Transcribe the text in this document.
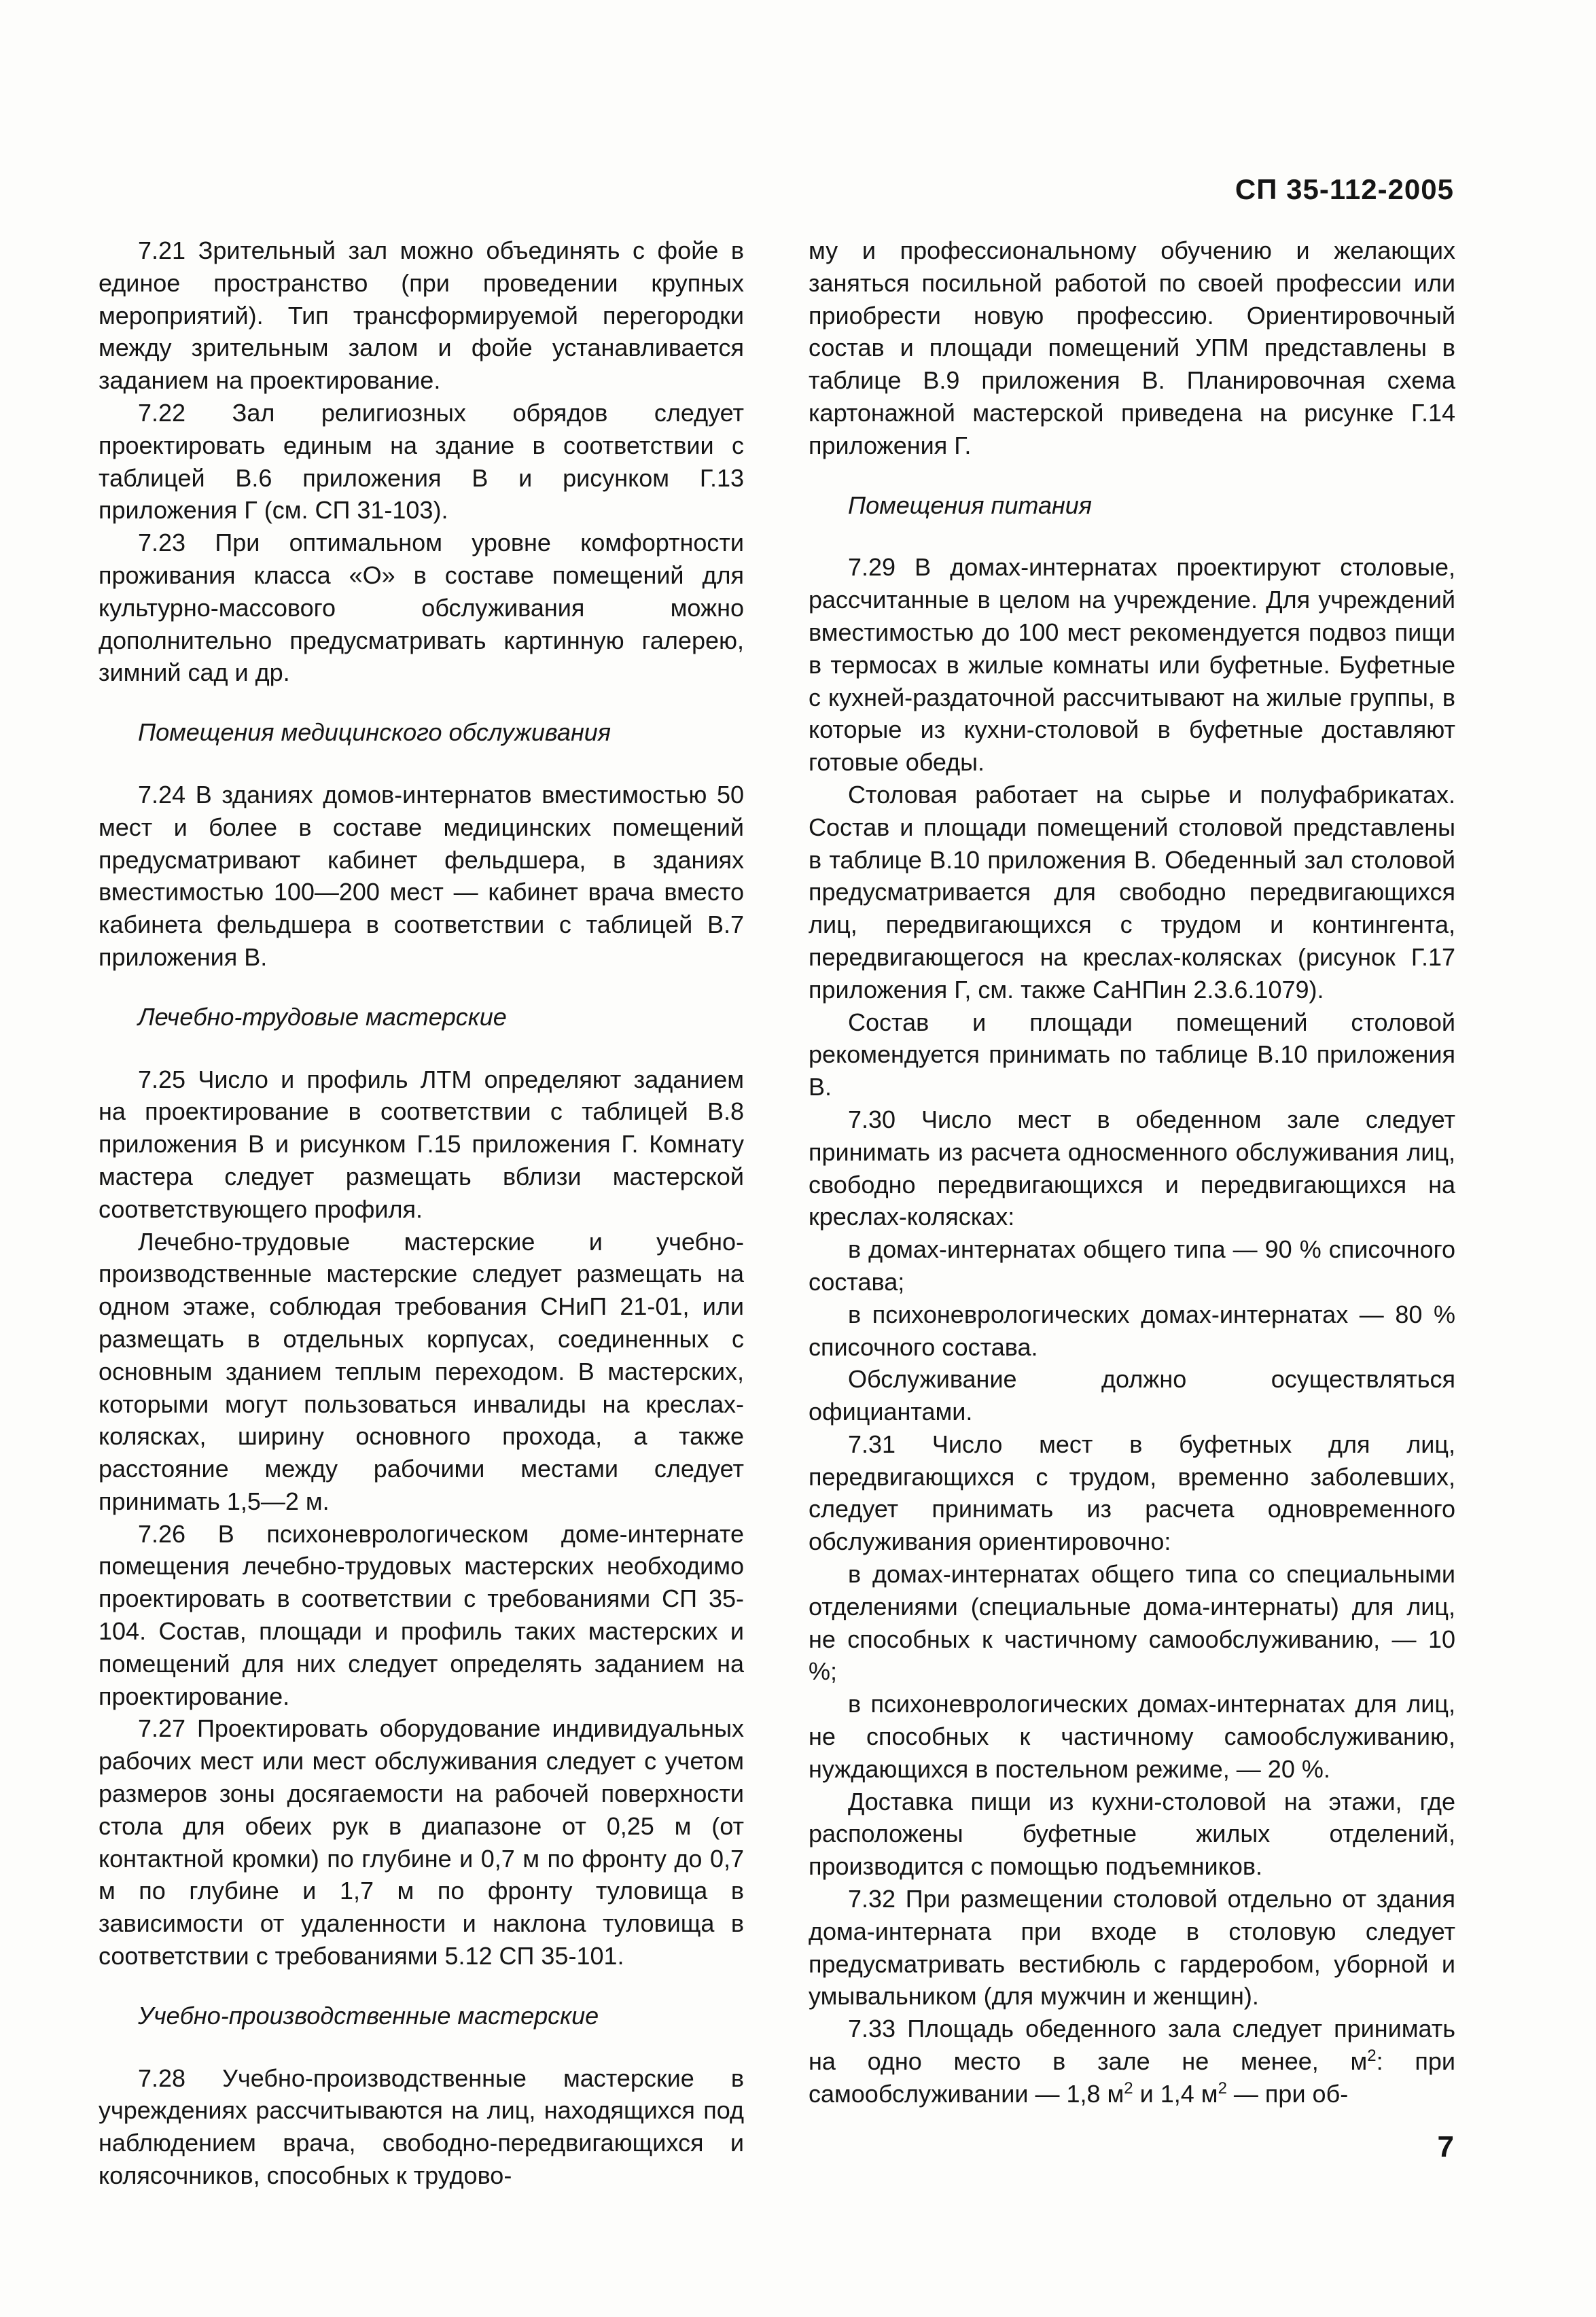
СП 35-112-2005

7.21 Зрительный зал можно объединять с фойе в единое пространство (при проведении крупных мероприятий). Тип трансформируемой перегородки между зрительным залом и фойе устанавливается заданием на проектирование.

7.22 Зал религиозных обрядов следует проектировать единым на здание в соответствии с таблицей В.6 приложения В и рисунком Г.13 приложения Г (см. СП 31-103).

7.23 При оптимальном уровне комфортности проживания класса «О» в составе помещений для культурно-массового обслуживания можно дополнительно предусматривать картинную галерею, зимний сад и др.

Помещения медицинского обслуживания

7.24 В зданиях домов-интернатов вместимостью 50 мест и более в составе медицинских помещений предусматривают кабинет фельдшера, в зданиях вместимостью 100—200 мест — кабинет врача вместо кабинета фельдшера в соответствии с таблицей В.7 приложения В.

Лечебно-трудовые мастерские

7.25 Число и профиль ЛТМ определяют заданием на проектирование в соответствии с таблицей В.8 приложения В и рисунком Г.15 приложения Г. Комнату мастера следует размещать вблизи мастерской соответствующего профиля.

Лечебно-трудовые мастерские и учебно-производственные мастерские следует размещать на одном этаже, соблюдая требования СНиП 21-01, или размещать в отдельных корпусах, соединенных с основным зданием теплым переходом. В мастерских, которыми могут пользоваться инвалиды на креслах-колясках, ширину основного прохода, а также расстояние между рабочими местами следует принимать 1,5—2 м.

7.26 В психоневрологическом доме-интернате помещения лечебно-трудовых мастерских необходимо проектировать в соответствии с требованиями СП 35-104. Состав, площади и профиль таких мастерских и помещений для них следует определять заданием на проектирование.

7.27 Проектировать оборудование индивидуальных рабочих мест или мест обслуживания следует с учетом размеров зоны досягаемости на рабочей поверхности стола для обеих рук в диапазоне от 0,25 м (от контактной кромки) по глубине и 0,7 м по фронту до 0,7 м по глубине и 1,7 м по фронту туловища в зависимости от удаленности и наклона туловища в соответствии с требованиями 5.12 СП 35-101.

Учебно-производственные мастерские

7.28 Учебно-производственные мастерские в учреждениях рассчитываются на лиц, находящихся под наблюдением врача, свободно-передвигающихся и колясочников, способных к трудово-

му и профессиональному обучению и желающих заняться посильной работой по своей профессии или приобрести новую профессию. Ориентировочный состав и площади помещений УПМ представлены в таблице В.9 приложения В. Планировочная схема картонажной мастерской приведена на рисунке Г.14 приложения Г.

Помещения питания

7.29 В домах-интернатах проектируют столовые, рассчитанные в целом на учреждение. Для учреждений вместимостью до 100 мест рекомендуется подвоз пищи в термосах в жилые комнаты или буфетные. Буфетные с кухней-раздаточной рассчитывают на жилые группы, в которые из кухни-столовой в буфетные доставляют готовые обеды.

Столовая работает на сырье и полуфабрикатах. Состав и площади помещений столовой представлены в таблице В.10 приложения В. Обеденный зал столовой предусматривается для свободно передвигающихся лиц, передвигающихся с трудом и контингента, передвигающегося на креслах-колясках (рисунок Г.17 приложения Г, см. также СаНПин 2.3.6.1079).

Состав и площади помещений столовой рекомендуется принимать по таблице В.10 приложения В.

7.30 Число мест в обеденном зале следует принимать из расчета односменного обслуживания лиц, свободно передвигающихся и передвигающихся на креслах-колясках:

в домах-интернатах общего типа — 90 % списочного состава;

в психоневрологических домах-интернатах — 80 % списочного состава.

Обслуживание должно осуществляться официантами.

7.31 Число мест в буфетных для лиц, передвигающихся с трудом, временно заболевших, следует принимать из расчета одновременного обслуживания ориентировочно:

в домах-интернатах общего типа со специальными отделениями (специальные дома-интернаты) для лиц, не способных к частичному самообслуживанию, — 10 %;

в психоневрологических домах-интернатах для лиц, не способных к частичному самообслуживанию, нуждающихся в постельном режиме, — 20 %.

Доставка пищи из кухни-столовой на этажи, где расположены буфетные жилых отделений, производится с помощью подъемников.

7.32 При размещении столовой отдельно от здания дома-интерната при входе в столовую следует предусматривать вестибюль с гардеробом, уборной и умывальником (для мужчин и женщин).

7.33 Площадь обеденного зала следует принимать на одно место в зале не менее, $м^2$: при самообслуживании — 1,8 $м^2$ и 1,4 $м^2$ — при об-

7
